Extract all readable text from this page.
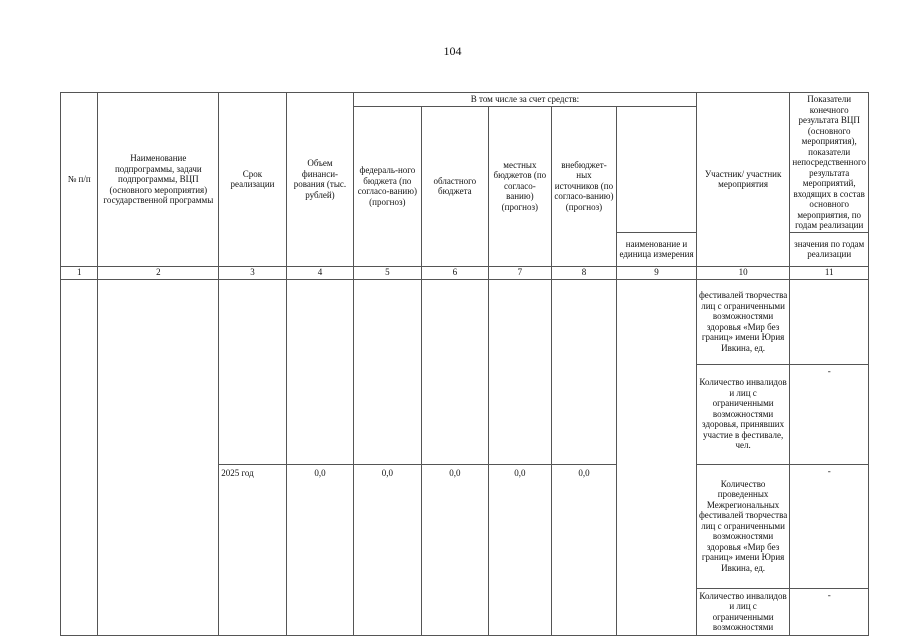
104
№ п/п	Наименование подпрограммы, задачи подпрограммы, ВЦП (основного мероприятия) государственной программы	Срок реализации	Объем финанси-рования (тыс. рублей)	В том числе за счет средств:					Участник/ участник мероприятия	Показатели конечного результата ВЦП (основного мероприятия), показатели непосредственного результата мероприятий, входящих в состав основного мероприятия, по годам реализации
				федераль-ного бюджета (по согласо-ванию) (прогноз)	областного бюджета	местных бюджетов (по согласо-ванию) (прогноз)	внебюджет-ных источников (по согласо-ванию) (прогноз)			
								наименование и единица измерения		значения по годам реализации
1	2	3	4	5	6	7	8	9	10	11
									фестивалей творчества лиц с ограниченными возможностями здоровья «Мир без границ» имени Юрия Ивкина, ед.	
									Количество инвалидов и лиц с ограниченными возможностями здоровья, принявших участие в фестивале, чел.	-
		2025 год	0,0	0,0	0,0	0,0	0,0		Количество проведенных Межрегиональных фестивалей творчества лиц с ограниченными возможностями здоровья «Мир без границ» имени Юрия Ивкина, ед.	-
									Количество инвалидов и лиц с ограниченными возможностями	-
